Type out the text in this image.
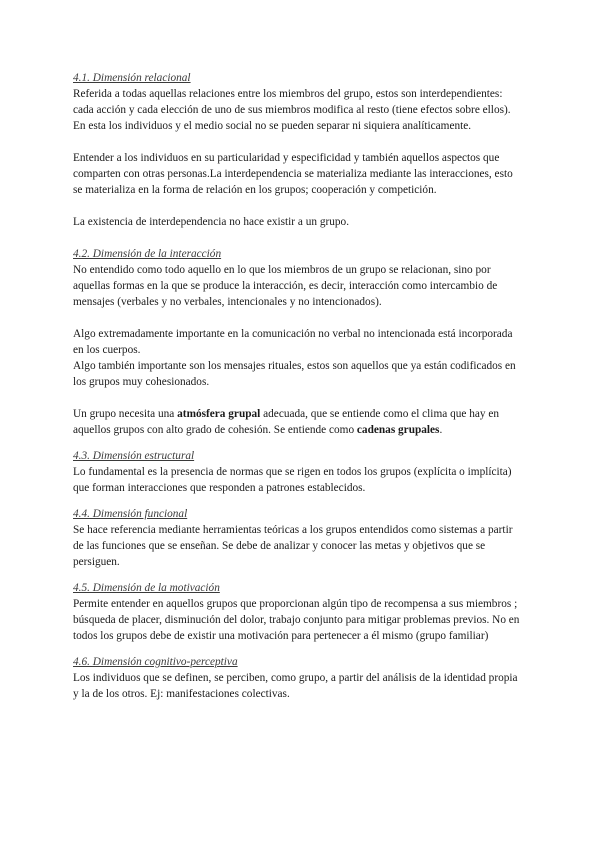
4.1. Dimensión relacional

Referida a todas aquellas relaciones entre los miembros del grupo, estos son interdependientes: cada acción y cada elección de uno de sus miembros modifica al resto (tiene efectos sobre ellos). En esta los individuos y el medio social no se pueden separar ni siquiera analíticamente.

Entender a los individuos en su particularidad y especificidad y también aquellos aspectos que comparten con otras personas.La interdependencia se materializa mediante las interacciones, esto se materializa en la forma de relación en los grupos; cooperación y competición.

La existencia de interdependencia no hace existir a un grupo.

4.2. Dimensión de la interacción

No entendido como todo aquello en lo que los miembros de un grupo se relacionan, sino por aquellas formas en la que se produce la interacción, es decir, interacción como intercambio de mensajes (verbales y no verbales, intencionales y no intencionados).

Algo extremadamente importante en la comunicación no verbal no intencionada está incorporada en los cuerpos.

Algo también importante son los mensajes rituales, estos son aquellos que ya están codificados en los grupos muy cohesionados.

Un grupo necesita una atmósfera grupal adecuada, que se entiende como el clima que hay en aquellos grupos con alto grado de cohesión. Se entiende como cadenas grupales.

4.3. Dimensión estructural

Lo fundamental es la presencia de normas que se rigen en todos los grupos (explícita o implícita) que forman interacciones que responden a patrones establecidos.

4.4. Dimensión funcional

Se hace referencia mediante herramientas teóricas a los grupos entendidos como sistemas a partir de las funciones que se enseñan. Se debe de analizar y conocer las metas y objetivos que se persiguen.

4.5. Dimensión de la motivación

Permite entender en aquellos grupos que proporcionan algún tipo de recompensa a sus miembros ; búsqueda de placer, disminución del dolor, trabajo conjunto para mitigar problemas previos. No en todos los grupos debe de existir una motivación para pertenecer a él mismo (grupo familiar)

4.6. Dimensión cognitivo-perceptiva

Los individuos que se definen, se perciben, como grupo, a partir del análisis de la identidad propia y la de los otros. Ej: manifestaciones colectivas.
